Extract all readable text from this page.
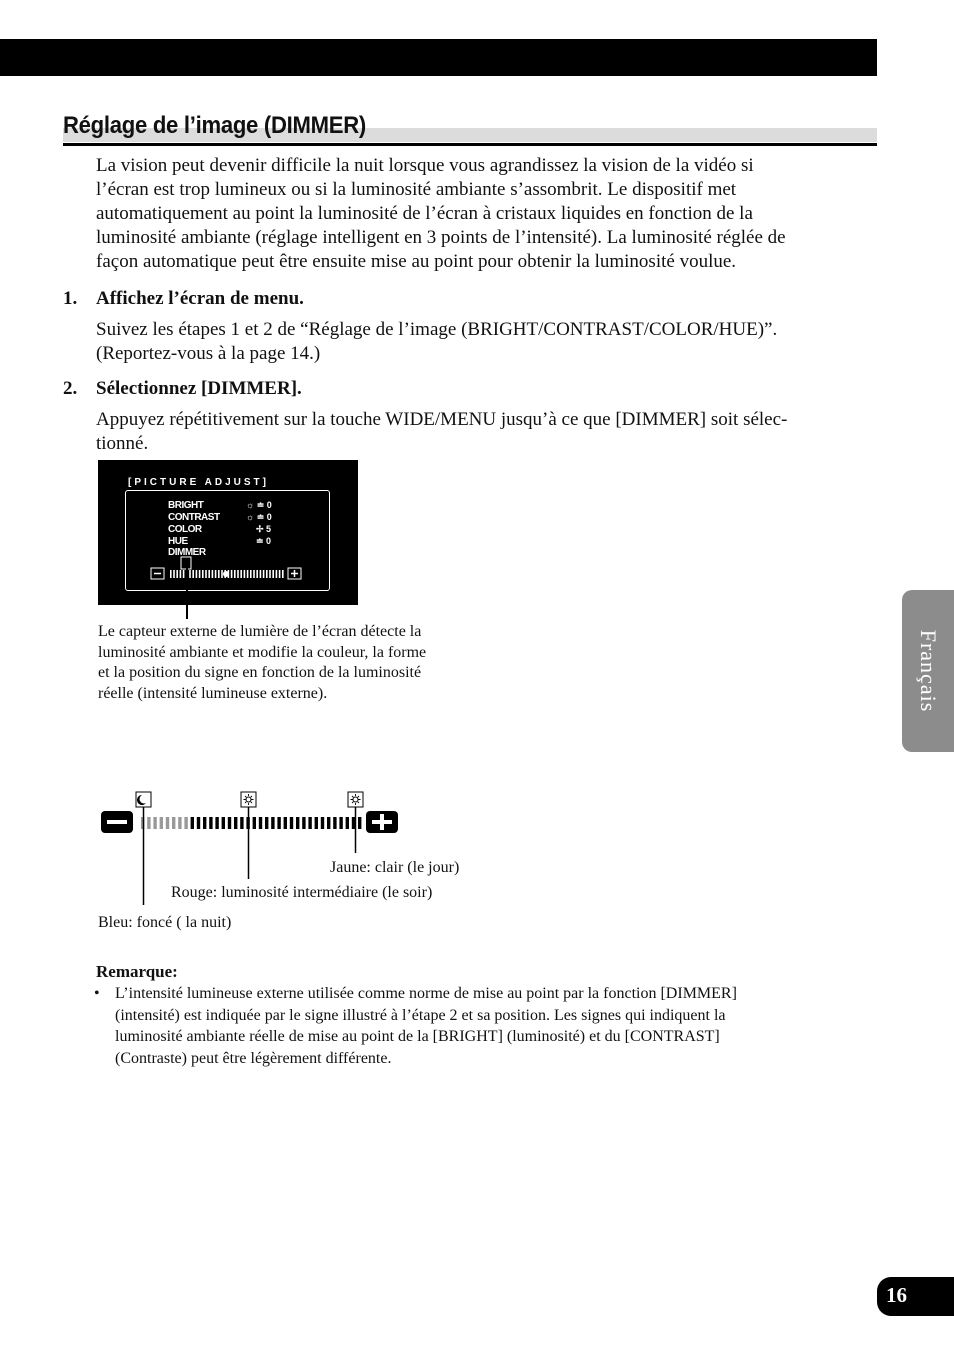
Réglage de l’image (DIMMER)

La vision peut devenir difficile la nuit lorsque vous agrandissez la vision de la vidéo si

l’écran est trop lumineux ou si la luminosité ambiante s’assombrit. Le dispositif met

automatiquement au point la luminosité de l’écran à cristaux liquides en fonction de la

luminosité ambiante (réglage intelligent en 3 points de l’intensité). La luminosité réglée de

façon automatique peut être ensuite mise au point pour obtenir la luminosité voulue.

1. Affichez l’écran de menu.

Suivez les étapes 1 et 2 de “Réglage de l’image (BRIGHT/CONTRAST/COLOR/HUE)”.

(Reportez-vous à la page 14.)

2. Sélectionnez [DIMMER].

Appuyez répétitivement sur la touche WIDE/MENU jusqu’à ce que [DIMMER] soit sélec-

tionné.

[PICTURE ADJUST]
BRIGHT	☼ ≐ 0
CONTRAST	☼ ≐ 0
COLOR	✢ 5
HUE	≐ 0
DIMMER

Le capteur externe de lumière de l’écran détecte la

luminosité ambiante et modifie la couleur, la forme

et la position du signe en fonction de la luminosité

réelle (intensité lumineuse externe).

Jaune: clair (le jour)
Rouge: luminosité intermédiaire (le soir)
Bleu: foncé ( la nuit)
Remarque:
• L’intensité lumineuse externe utilisée comme norme de mise au point par la fonction [DIMMER]
(intensité) est indiquée par le signe illustré à l’étape 2 et sa position. Les signes qui indiquent la
luminosité ambiante réelle de mise au point de la [BRIGHT] (luminosité) et du [CONTRAST]
(Contraste) peut être légèrement différente.
Français
16
